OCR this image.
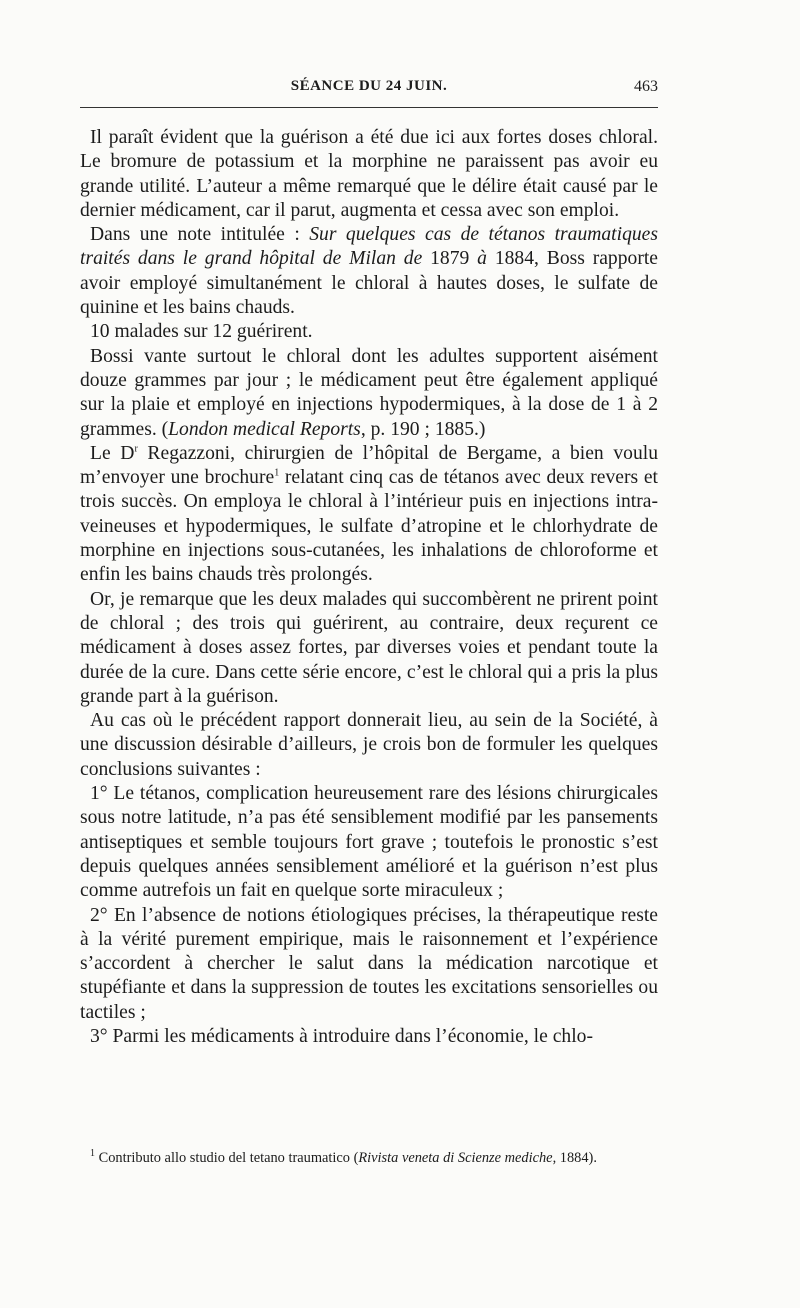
SÉANCE DU 24 JUIN.	463

Il paraît évident que la guérison a été due ici aux fortes doses chloral. Le bromure de potassium et la morphine ne paraissent pas avoir eu grande utilité. L’auteur a même remarqué que le délire était causé par le dernier médicament, car il parut, augmenta et cessa avec son emploi.

Dans une note intitulée : Sur quelques cas de tétanos traumatiques traités dans le grand hôpital de Milan de 1879 à 1884, Boss rapporte avoir employé simultanément le chloral à hautes doses, le sulfate de quinine et les bains chauds.

10 malades sur 12 guérirent.

Bossi vante surtout le chloral dont les adultes supportent aisément douze grammes par jour ; le médicament peut être également appliqué sur la plaie et employé en injections hypodermiques, à la dose de 1 à 2 grammes. (London medical Reports, p. 190 ; 1885.)

Le $D^r$ Regazzoni, chirurgien de l’hôpital de Bergame, a bien voulu m’envoyer une brochure$^1$ relatant cinq cas de tétanos avec deux revers et trois succès. On employa le chloral à l’intérieur puis en injections intra-veineuses et hypodermiques, le sulfate d’atropine et le chlorhydrate de morphine en injections sous-cutanées, les inhalations de chloroforme et enfin les bains chauds très prolongés.

Or, je remarque que les deux malades qui succombèrent ne prirent point de chloral ; des trois qui guérirent, au contraire, deux reçurent ce médicament à doses assez fortes, par diverses voies et pendant toute la durée de la cure. Dans cette série encore, c’est le chloral qui a pris la plus grande part à la guérison.

Au cas où le précédent rapport donnerait lieu, au sein de la Société, à une discussion désirable d’ailleurs, je crois bon de formuler les quelques conclusions suivantes :

1° Le tétanos, complication heureusement rare des lésions chirurgicales sous notre latitude, n’a pas été sensiblement modifié par les pansements antiseptiques et semble toujours fort grave ; toutefois le pronostic s’est depuis quelques années sensiblement amélioré et la guérison n’est plus comme autrefois un fait en quelque sorte miraculeux ;

2° En l’absence de notions étiologiques précises, la thérapeutique reste à la vérité purement empirique, mais le raisonnement et l’expérience s’accordent à chercher le salut dans la médication narcotique et stupéfiante et dans la suppression de toutes les excitations sensorielles ou tactiles ;

3° Parmi les médicaments à introduire dans l’économie, le chlo-

$^1$ Contributo allo studio del tetano traumatico (Rivista veneta di Scienze mediche, 1884).
